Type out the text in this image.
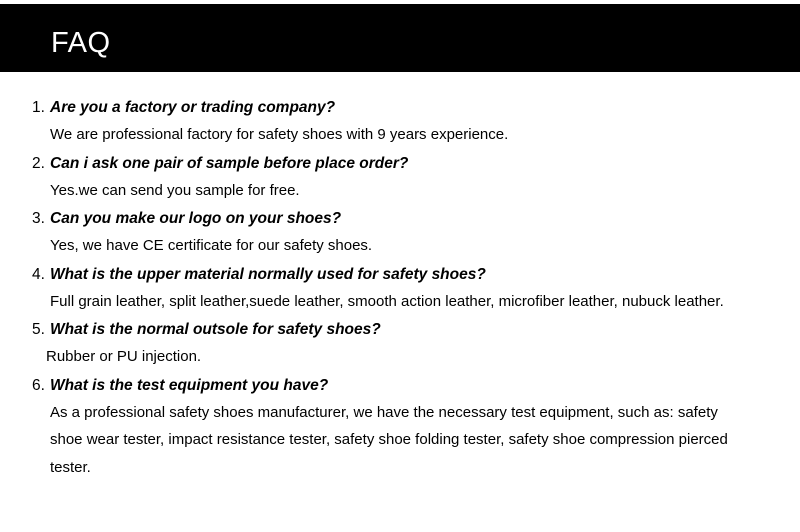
FAQ
1. Are you a factory or trading company?
We are professional factory for safety shoes with 9 years experience.
2. Can i ask one pair of sample before place order?
Yes.we can send you sample for free.
3. Can you make our logo on your shoes?
Yes, we have CE certificate for our safety shoes.
4. What is the upper material normally used for safety shoes?
Full grain leather, split leather,suede leather, smooth action leather, microfiber leather, nubuck leather.
5. What is the normal outsole for safety shoes?
Rubber or PU injection.
6. What is the test equipment you have?
As a professional safety shoes manufacturer, we have the necessary test equipment, such as: safety
shoe wear tester, impact resistance tester, safety shoe folding tester, safety shoe compression pierced
tester.
